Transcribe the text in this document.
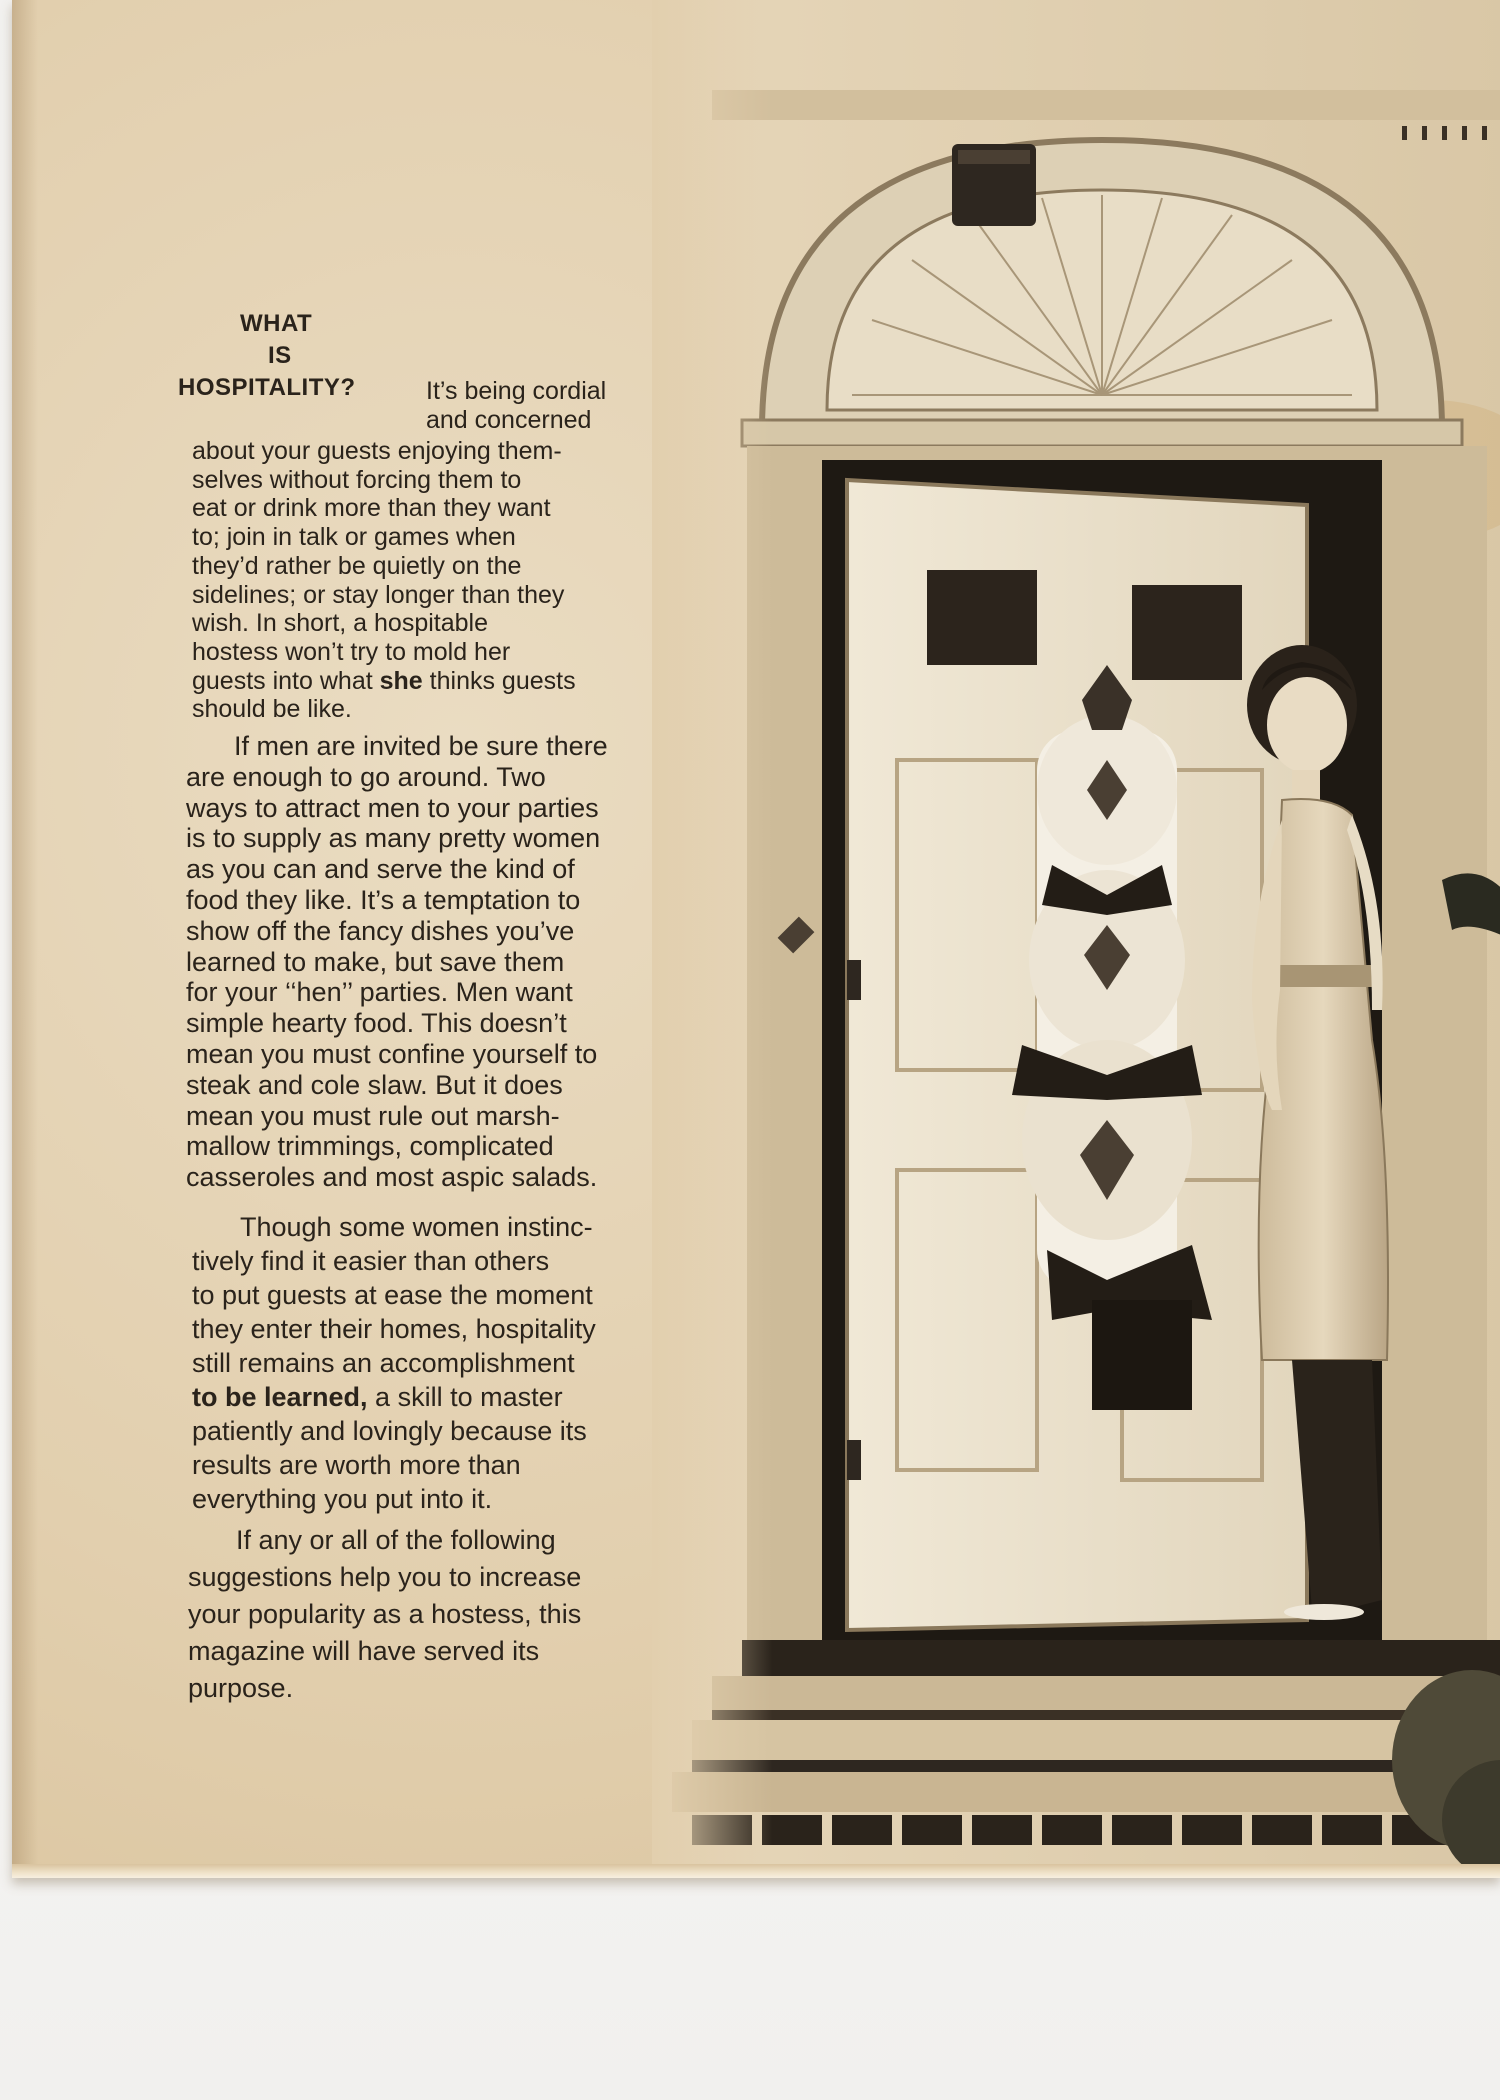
WHAT
IS
HOSPITALITY?	It’s being cordial
and concerned
about your guests enjoying them-
selves without forcing them to
eat or drink more than they want
to; join in talk or games when
they’d rather be quietly on the
sidelines; or stay longer than they
wish. In short, a hospitable
hostess won’t try to mold her
guests into what she thinks guests
should be like.
If men are invited be sure there
are enough to go around. Two
ways to attract men to your parties
is to supply as many pretty women
as you can and serve the kind of
food they like. It’s a temptation to
show off the fancy dishes you’ve
learned to make, but save them
for your ‘‘hen’’ parties. Men want
simple hearty food. This doesn’t
mean you must confine yourself to
steak and cole slaw. But it does
mean you must rule out marsh-
mallow trimmings, complicated
casseroles and most aspic salads.
Though some women instinc-
tively find it easier than others
to put guests at ease the moment
they enter their homes, hospitality
still remains an accomplishment
to be learned, a skill to master
patiently and lovingly because its
results are worth more than
everything you put into it.
If any or all of the following
suggestions help you to increase
your popularity as a hostess, this
magazine will have served its
purpose.
